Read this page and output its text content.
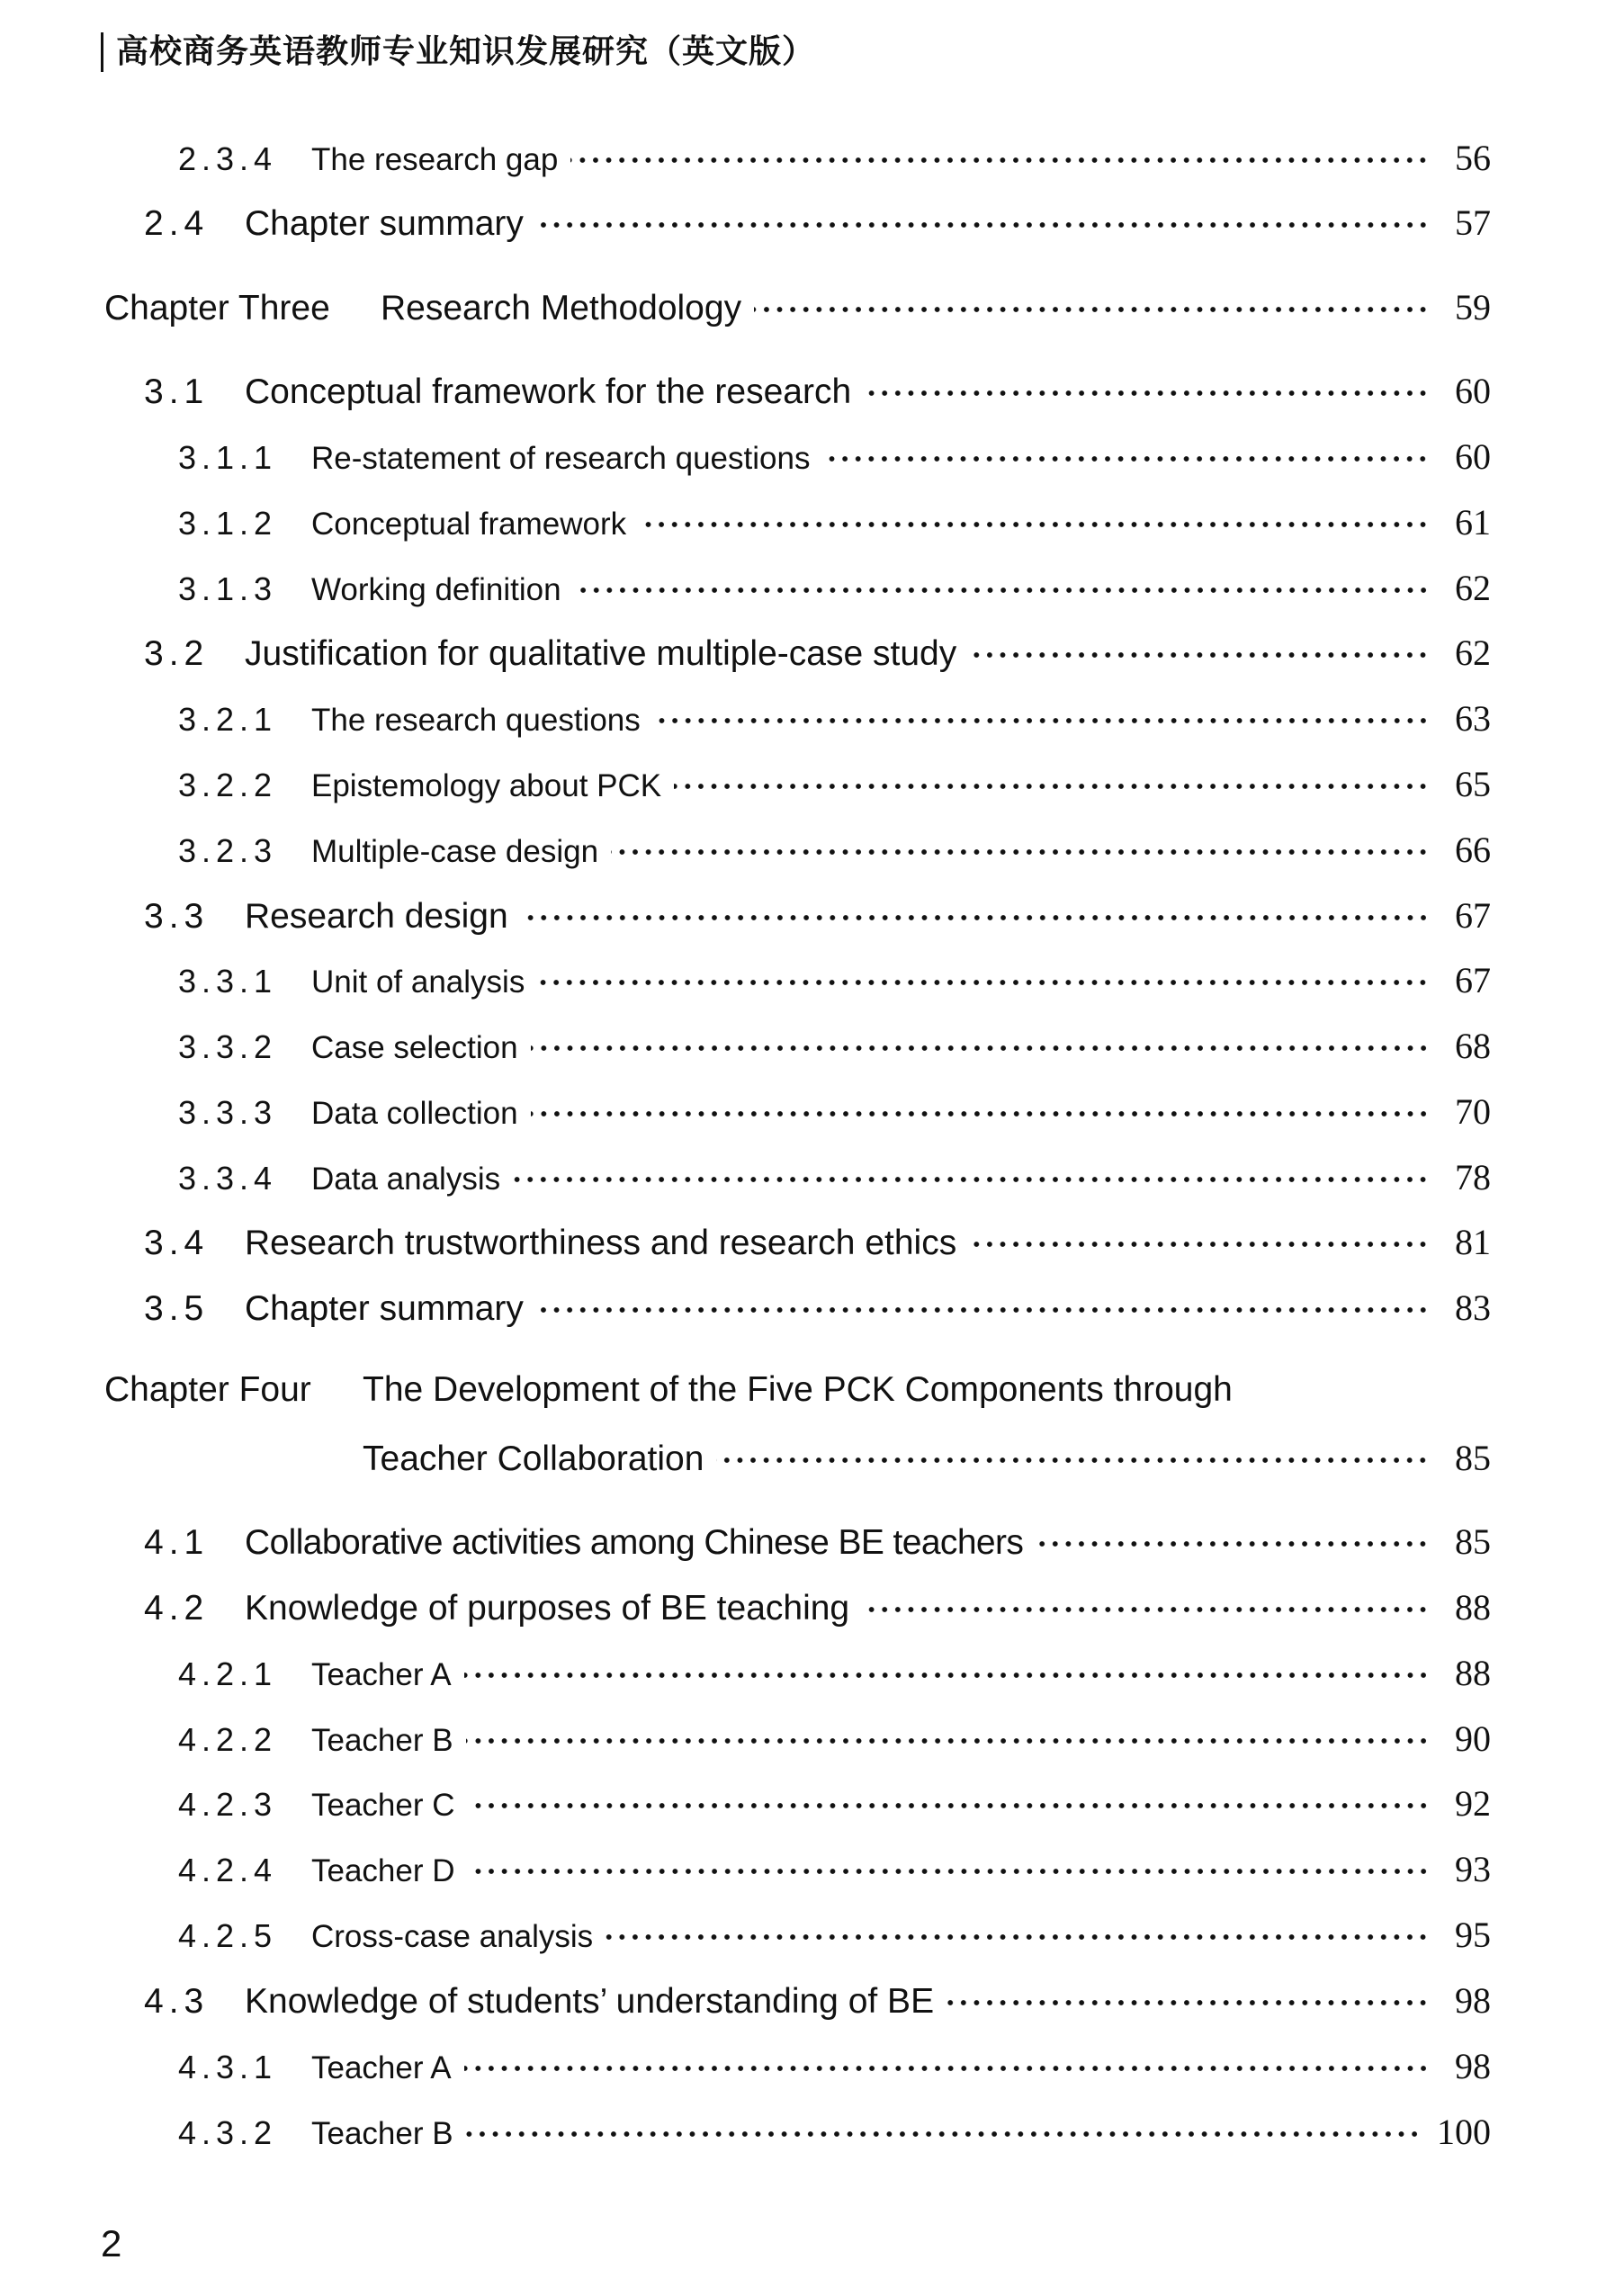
高校商务英语教师专业知识发展研究（英文版）
2.3.4	The research gap	56
2.4	Chapter summary	57
Chapter Three	Research Methodology	59
3.1	Conceptual framework for the research	60
3.1.1	Re-statement of research questions	60
3.1.2	Conceptual framework	61
3.1.3	Working definition	62
3.2	Justification for qualitative multiple-case study	62
3.2.1	The research questions	63
3.2.2	Epistemology about PCK	65
3.2.3	Multiple-case design	66
3.3	Research design	67
3.3.1	Unit of analysis	67
3.3.2	Case selection	68
3.3.3	Data collection	70
3.3.4	Data analysis	78
3.4	Research trustworthiness and research ethics	81
3.5	Chapter summary	83
Chapter Four	The Development of the Five PCK Components through
Teacher Collaboration	85
4.1	Collaborative activities among Chinese BE teachers	85
4.2	Knowledge of purposes of BE teaching	88
4.2.1	Teacher A	88
4.2.2	Teacher B	90
4.2.3	Teacher C	92
4.2.4	Teacher D	93
4.2.5	Cross-case analysis	95
4.3	Knowledge of students’ understanding of BE	98
4.3.1	Teacher A	98
4.3.2	Teacher B	100
2
